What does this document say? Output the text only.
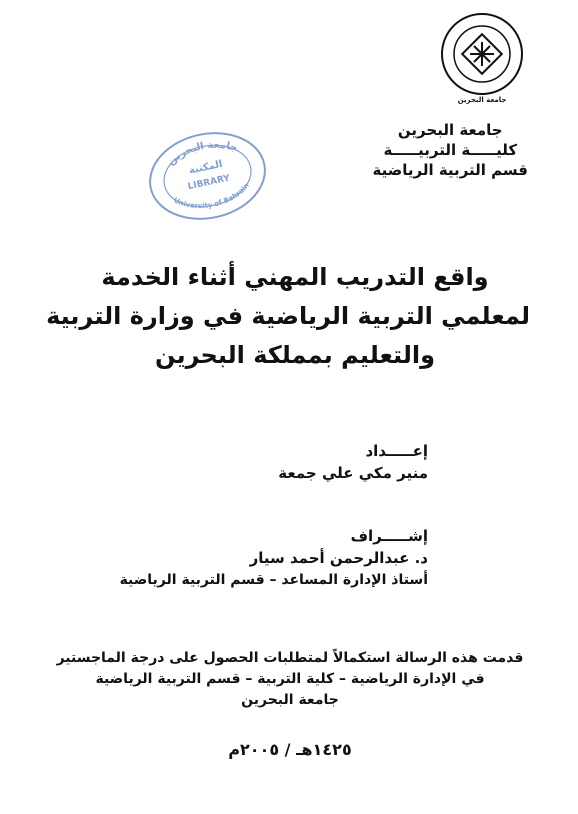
جامعة البحرين
جامعة البحرين
كليـــــة التربيـــــة
قسم التربية الرياضية
جامعة البحرين
المكتبة
LIBRARY
University of Bahrain
واقع التدريب المهني أثناء الخدمة
لمعلمي التربية الرياضية في وزارة التربية
والتعليم بمملكة البحرين
إعـــــداد
منير مكي علي جمعة
إشـــــراف
د. عبدالرحمن أحمد سيار
أستاذ الإدارة المساعد – قسم التربية الرياضية
قدمت هذه الرسالة استكمالاً لمتطلبات الحصول على درجة الماجستير
في الإدارة الرياضية – كلية التربية – قسم التربية الرياضية
جامعة البحرين
١٤٢٥هـ / ٢٠٠٥م
